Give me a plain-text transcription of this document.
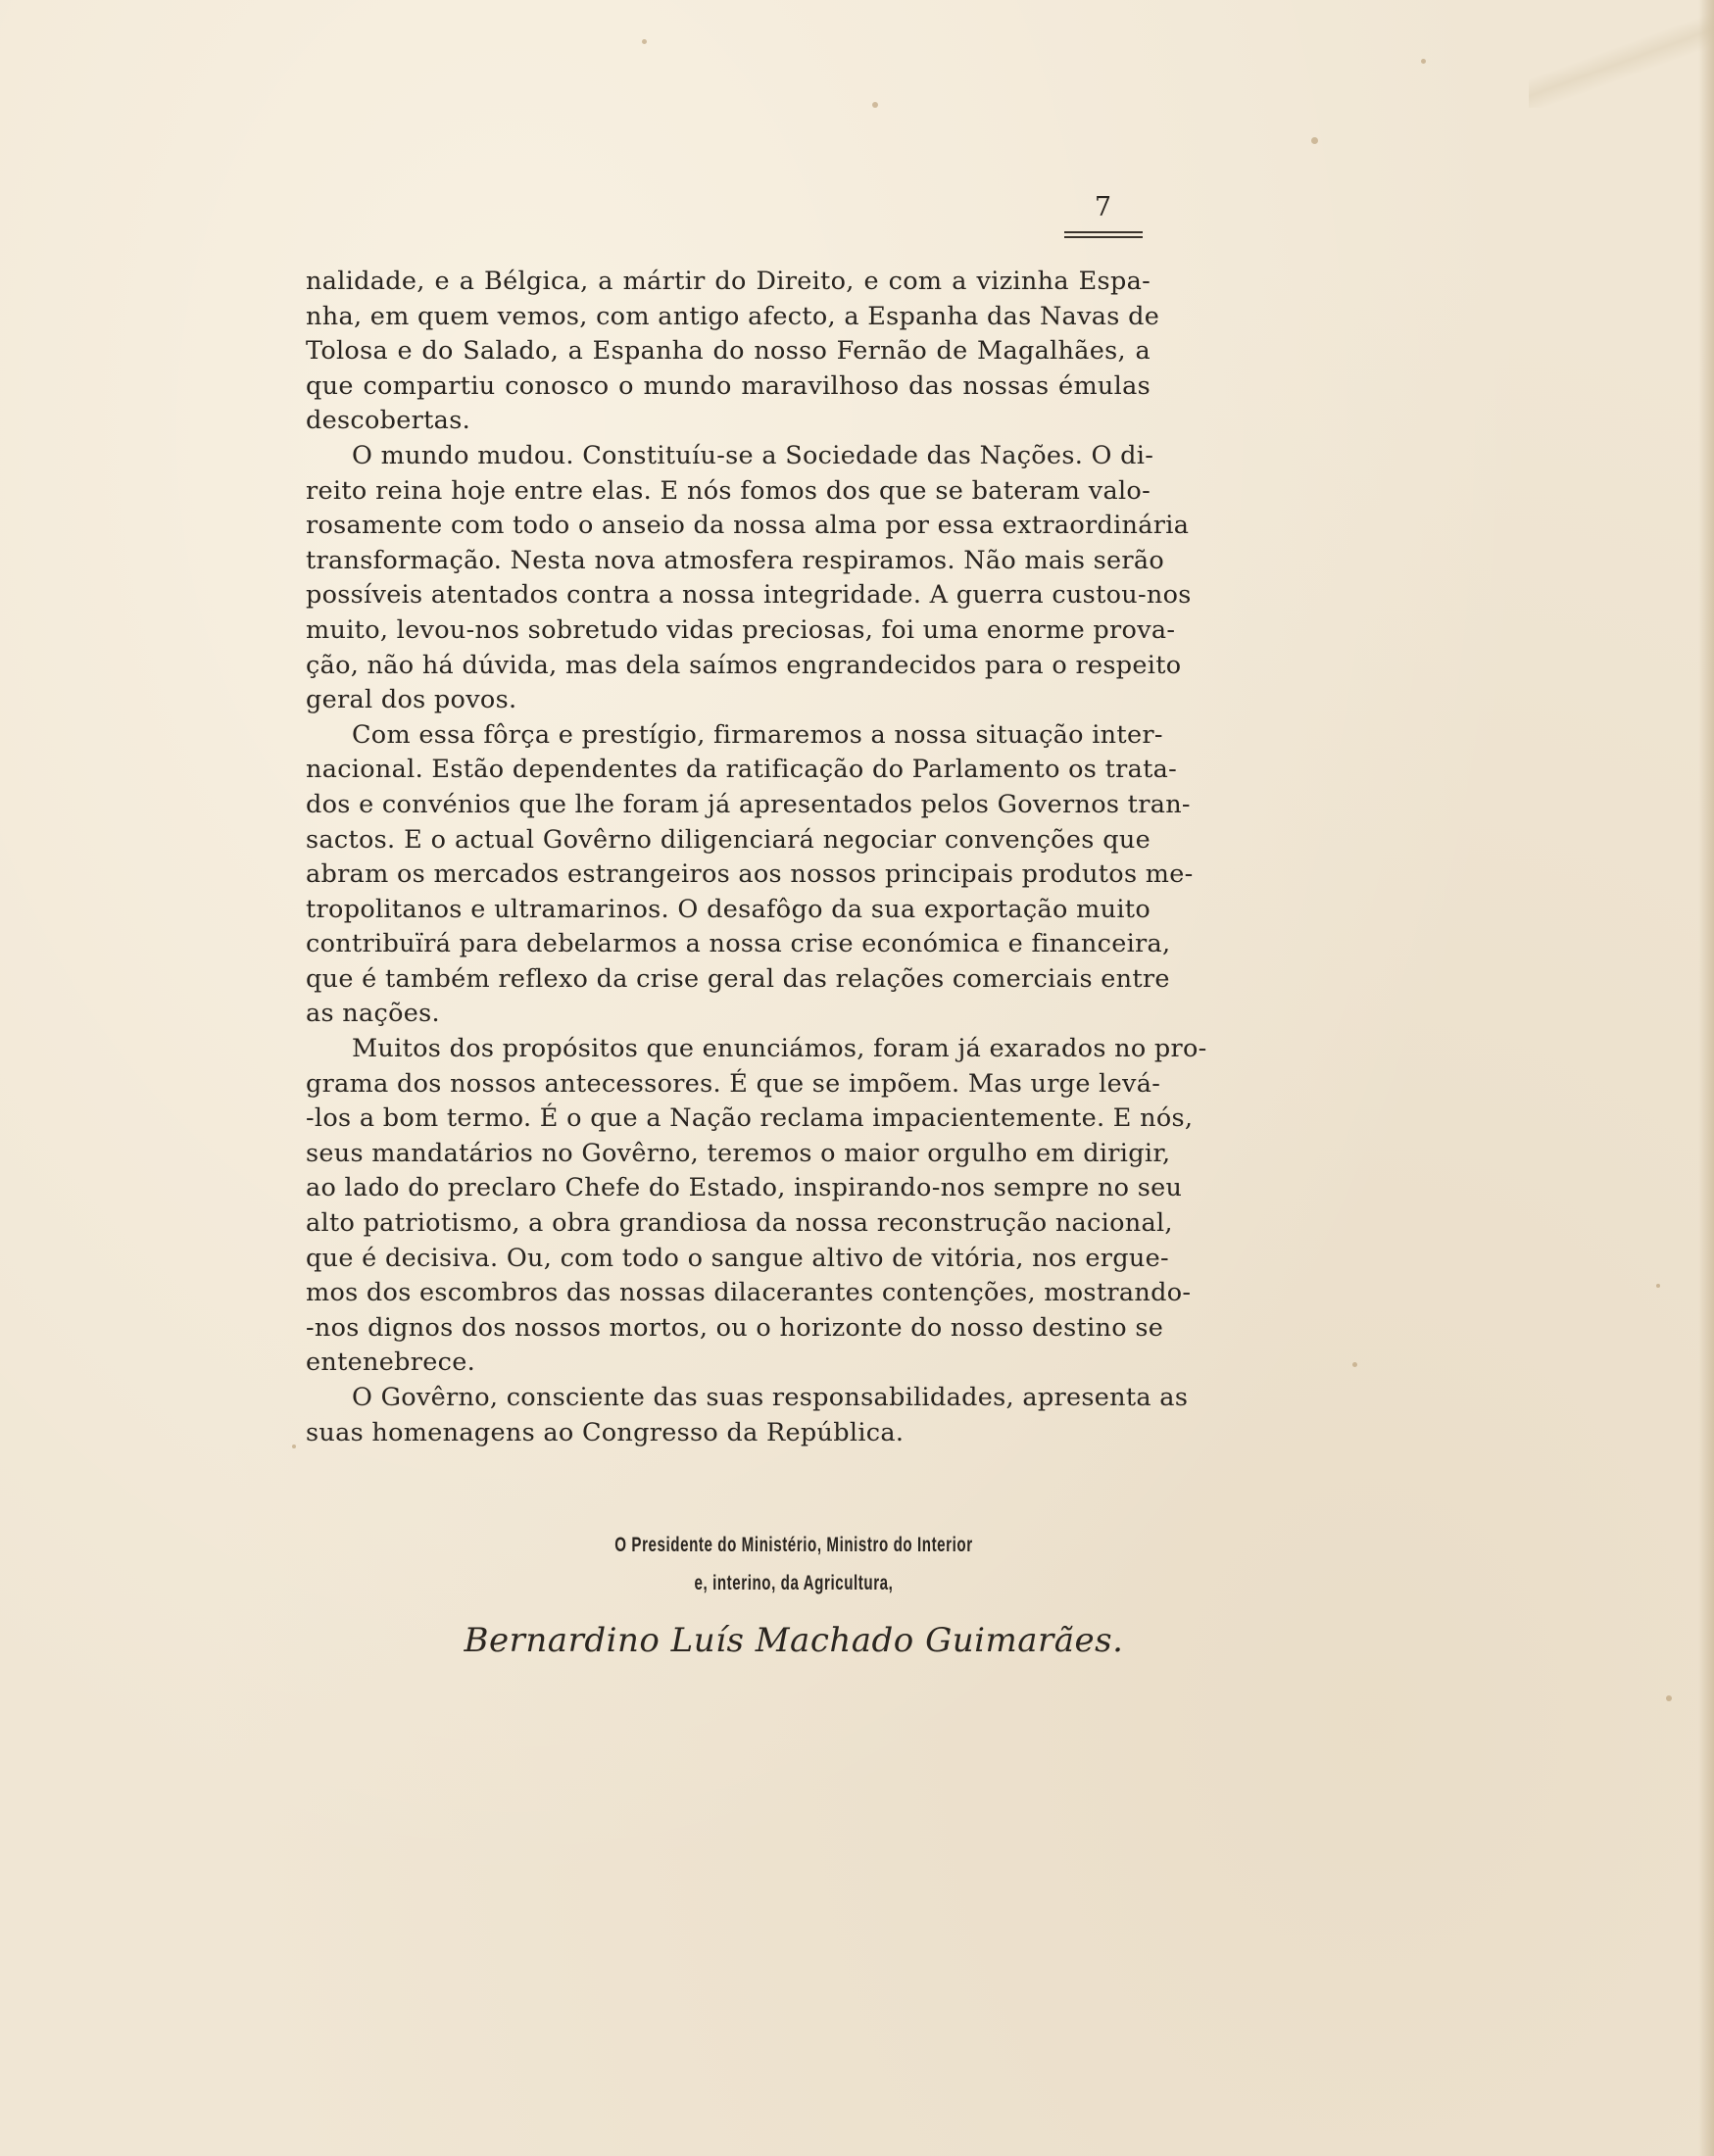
7
nalidade, e a Bélgica, a mártir do Direito, e com a vizinha Espa-
nha, em quem vemos, com antigo afecto, a Espanha das Navas de
Tolosa e do Salado, a Espanha do nosso Fernão de Magalhães, a
que compartiu conosco o mundo maravilhoso das nossas émulas
descobertas.
O mundo mudou. Constituíu-se a Sociedade das Nações. O di-
reito reina hoje entre elas. E nós fomos dos que se bateram valo-
rosamente com todo o anseio da nossa alma por essa extraordinária
transformação. Nesta nova atmosfera respiramos. Não mais serão
possíveis atentados contra a nossa integridade. A guerra custou-nos
muito, levou-nos sobretudo vidas preciosas, foi uma enorme prova-
ção, não há dúvida, mas dela saímos engrandecidos para o respeito
geral dos povos.
Com essa fôrça e prestígio, firmaremos a nossa situação inter-
nacional. Estão dependentes da ratificação do Parlamento os trata-
dos e convénios que lhe foram já apresentados pelos Governos tran-
sactos. E o actual Govêrno diligenciará negociar convenções que
abram os mercados estrangeiros aos nossos principais produtos me-
tropolitanos e ultramarinos. O desafôgo da sua exportação muito
contribuïrá para debelarmos a nossa crise económica e financeira,
que é também reflexo da crise geral das relações comerciais entre
as nações.
Muitos dos propósitos que enunciámos, foram já exarados no pro-
grama dos nossos antecessores. É que se impõem. Mas urge levá-
-los a bom termo. É o que a Nação reclama impacientemente. E nós,
seus mandatários no Govêrno, teremos o maior orgulho em dirigir,
ao lado do preclaro Chefe do Estado, inspirando-nos sempre no seu
alto patriotismo, a obra grandiosa da nossa reconstrução nacional,
que é decisiva. Ou, com todo o sangue altivo de vitória, nos ergue-
mos dos escombros das nossas dilacerantes contenções, mostrando-
-nos dignos dos nossos mortos, ou o horizonte do nosso destino se
entenebrece.
O Govêrno, consciente das suas responsabilidades, apresenta as
suas homenagens ao Congresso da República.
O Presidente do Ministério, Ministro do Interior
e, interino, da Agricultura,
Bernardino Luís Machado Guimarães.
